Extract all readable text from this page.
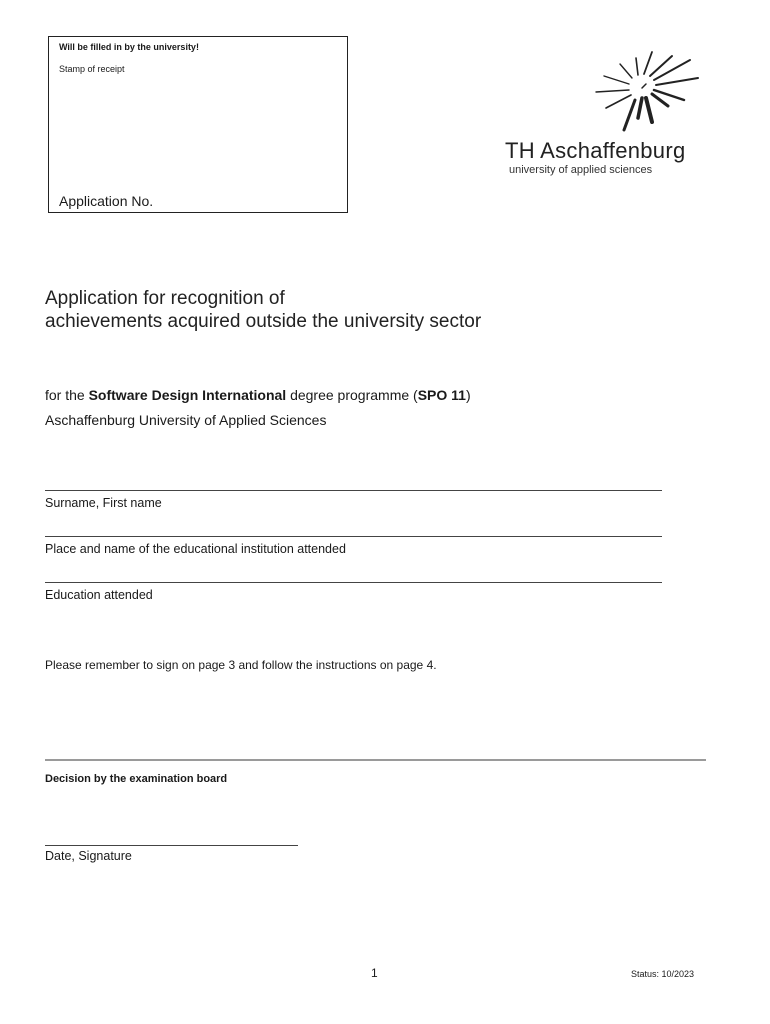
Will be filled in by the university!
Stamp of receipt
Application No.
TH Aschaffenburg
university of applied sciences
Application for recognition of
achievements acquired outside the university sector
for the Software Design International degree programme (SPO 11)
Aschaffenburg University of Applied Sciences
Surname, First name
Place and name of the educational institution attended
Education attended
Please remember to sign on page 3 and follow the instructions on page 4.
Decision by the examination board
Date, Signature
1	Status: 10/2023
